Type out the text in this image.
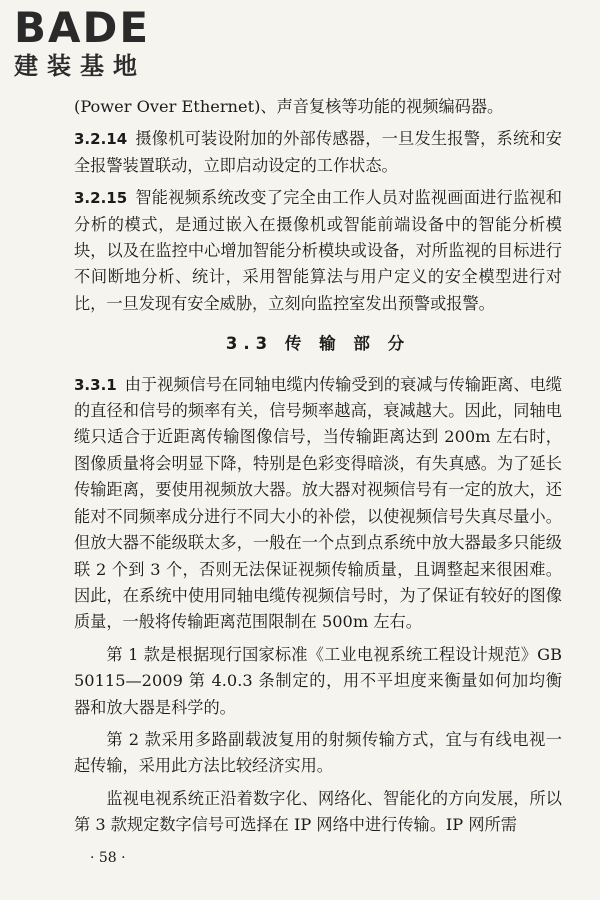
BADE
建装基地

(Power Over Ethernet)、声音复核等功能的视频编码器。

3.2.14 摄像机可装设附加的外部传感器，一旦发生报警，系统和安全报警装置联动，立即启动设定的工作状态。

3.2.15 智能视频系统改变了完全由工作人员对监视画面进行监视和分析的模式，是通过嵌入在摄像机或智能前端设备中的智能分析模块，以及在监控中心增加智能分析模块或设备，对所监视的目标进行不间断地分析、统计，采用智能算法与用户定义的安全模型进行对比，一旦发现有安全威胁，立刻向监控室发出预警或报警。

3.3 传 输 部 分

3.3.1 由于视频信号在同轴电缆内传输受到的衰减与传输距离、电缆的直径和信号的频率有关，信号频率越高，衰减越大。因此，同轴电缆只适合于近距离传输图像信号，当传输距离达到 200m 左右时，图像质量将会明显下降，特别是色彩变得暗淡，有失真感。为了延长传输距离，要使用视频放大器。放大器对视频信号有一定的放大，还能对不同频率成分进行不同大小的补偿，以使视频信号失真尽量小。但放大器不能级联太多，一般在一个点到点系统中放大器最多只能级联 2 个到 3 个，否则无法保证视频传输质量，且调整起来很困难。因此，在系统中使用同轴电缆传视频信号时，为了保证有较好的图像质量，一般将传输距离范围限制在 500m 左右。

第 1 款是根据现行国家标准《工业电视系统工程设计规范》GB 50115—2009 第 4.0.3 条制定的，用不平坦度来衡量如何加均衡器和放大器是科学的。

第 2 款采用多路副载波复用的射频传输方式，宜与有线电视一起传输，采用此方法比较经济实用。

监视电视系统正沿着数字化、网络化、智能化的方向发展，所以第 3 款规定数字信号可选择在 IP 网络中进行传输。IP 网所需

· 58 ·
